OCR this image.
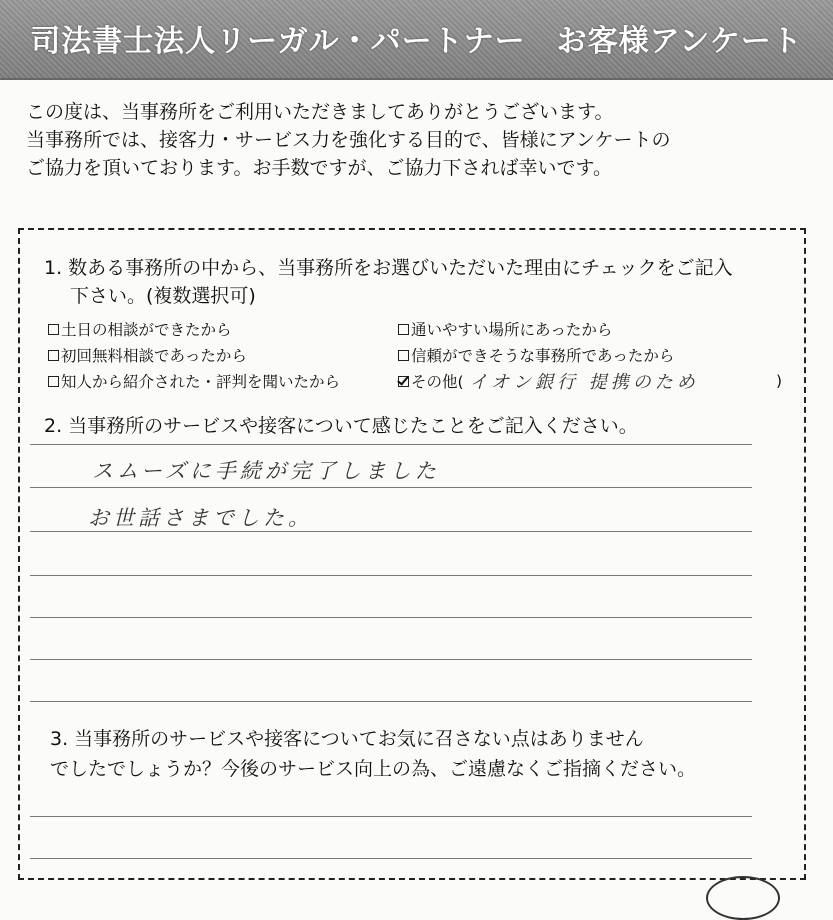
司法書士法人リーガル・パートナー　お客様アンケート

この度は、当事務所をご利用いただきましてありがとうございます。

当事務所では、接客力・サービス力を強化する目的で、皆様にアンケートの

ご協力を頂いております。お手数ですが、ご協力下されば幸いです。

1. 数ある事務所の中から、当事務所をお選びいただいた理由にチェックをご記入
下さい。(複数選択可)
土日の相談ができたから	通いやすい場所にあったから
初回無料相談であったから	信頼ができそうな事務所であったから
知人から紹介された・評判を聞いたから	その他( イオン銀行 提携のため	)
2. 当事務所のサービスや接客について感じたことをご記入ください。
スムーズに手続が完了しました
お世話さまでした。
3. 当事務所のサービスや接客についてお気に召さない点はありません
でしたでしょうか？今後のサービス向上の為、ご遠慮なくご指摘ください。
